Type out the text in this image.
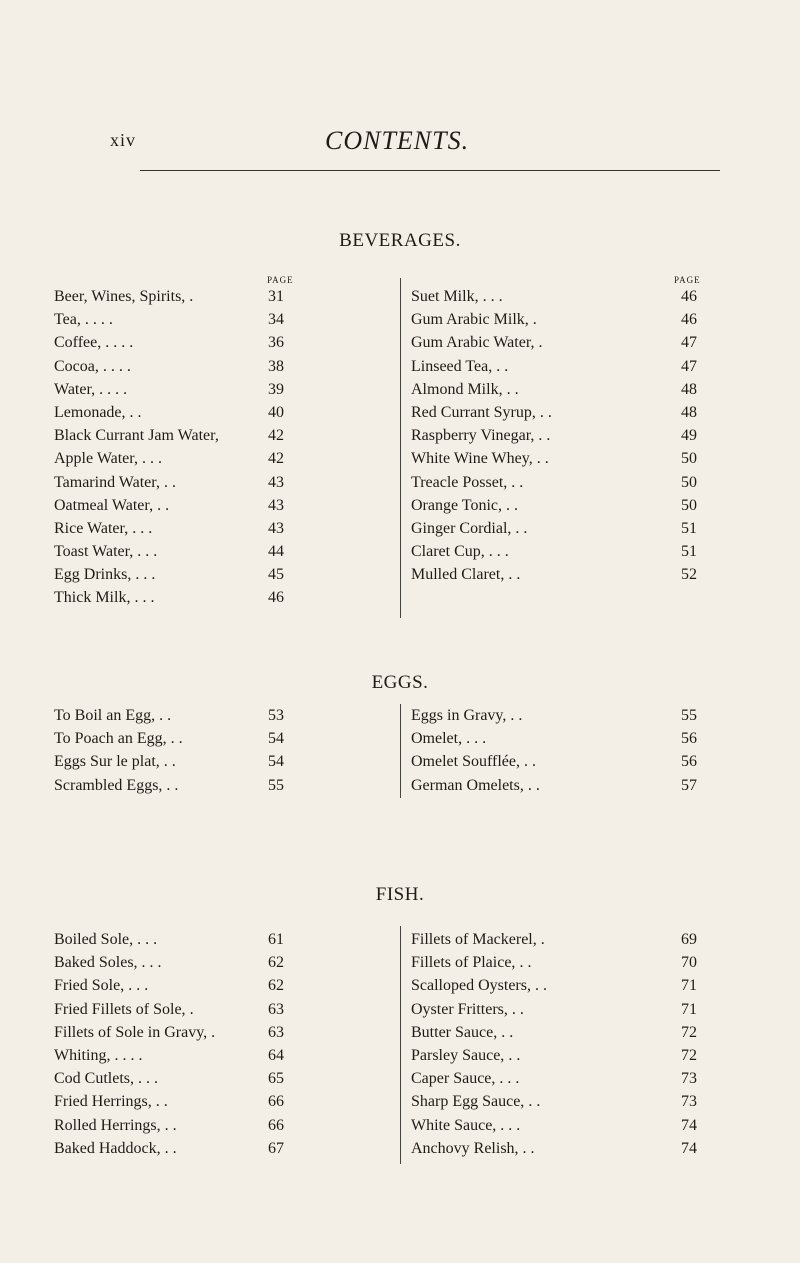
xiv	CONTENTS.
BEVERAGES.
PAGE	PAGE
Beer, Wines, Spirits, .	31
Tea, . . . .	34
Coffee, . . . .	36
Cocoa, . . . .	38
Water, . . . .	39
Lemonade, . .	40
Black Currant Jam Water,	42
Apple Water, . . .	42
Tamarind Water, . .	43
Oatmeal Water, . .	43
Rice Water, . . .	43
Toast Water, . . .	44
Egg Drinks, . . .	45
Thick Milk, . . .	46
Suet Milk, . . .	46
Gum Arabic Milk, .	46
Gum Arabic Water, .	47
Linseed Tea, . .	47
Almond Milk, . .	48
Red Currant Syrup, . .	48
Raspberry Vinegar, . .	49
White Wine Whey, . .	50
Treacle Posset, . .	50
Orange Tonic, . .	50
Ginger Cordial, . .	51
Claret Cup, . . .	51
Mulled Claret, . .	52
EGGS.
To Boil an Egg, . .	53
To Poach an Egg, . .	54
Eggs Sur le plat, . .	54
Scrambled Eggs, . .	55
Eggs in Gravy, . .	55
Omelet, . . .	56
Omelet Soufflée, . .	56
German Omelets, . .	57
FISH.
Boiled Sole, . . .	61
Baked Soles, . . .	62
Fried Sole, . . .	62
Fried Fillets of Sole, .	63
Fillets of Sole in Gravy, .	63
Whiting, . . . .	64
Cod Cutlets, . . .	65
Fried Herrings, . .	66
Rolled Herrings, . .	66
Baked Haddock, . .	67
Fillets of Mackerel, .	69
Fillets of Plaice, . .	70
Scalloped Oysters, . .	71
Oyster Fritters, . .	71
Butter Sauce, . .	72
Parsley Sauce, . .	72
Caper Sauce, . . .	73
Sharp Egg Sauce, . .	73
White Sauce, . . .	74
Anchovy Relish, . .	74
